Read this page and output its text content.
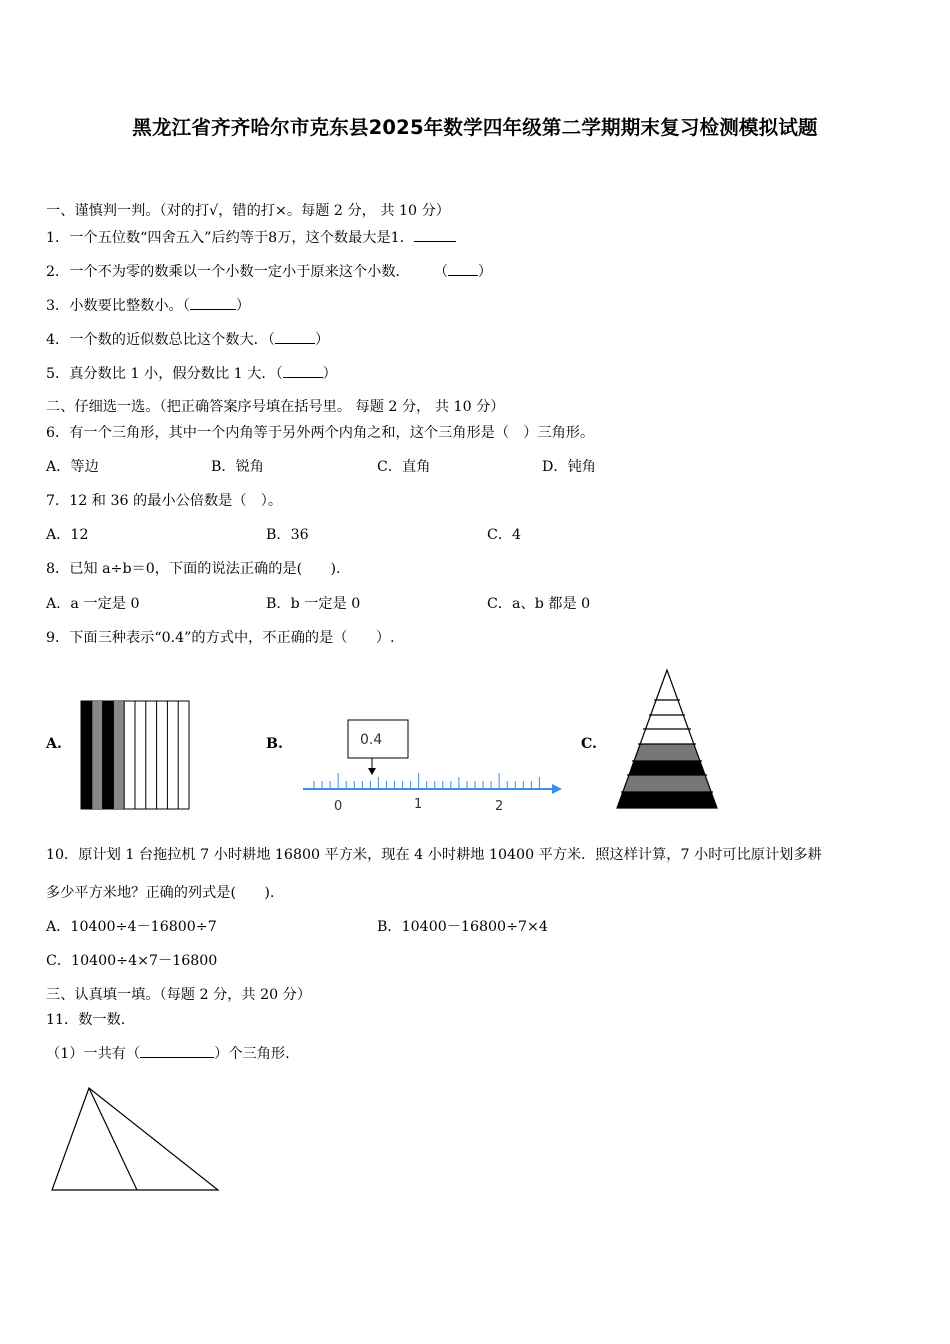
黑龙江省齐齐哈尔市克东县2025年数学四年级第二学期期末复习检测模拟试题
一、谨慎判一判。（对的打√，错的打×。每题 2 分， 共 10 分）
1．一个五位数“四舍五入”后约等于8万，这个数最大是1．
2．一个不为零的数乘以一个小数一定小于原来这个小数． （ ）
3．小数要比整数小。（	）
4．一个数的近似数总比这个数大．（	）
5．真分数比 1 小，假分数比 1 大．（	）
二、仔细选一选。（把正确答案序号填在括号里。 每题 2 分， 共 10 分）
6．有一个三角形，其中一个内角等于另外两个内角之和，这个三角形是（　）三角形。
A．等边	B．锐角	C．直角	D．钝角
7．12 和 36 的最小公倍数是（　）。
A．12	B．36	C．4
8．已知 a÷b＝0，下面的说法正确的是(　　).
A．a 一定是 0	B．b 一定是 0	C．a、b 都是 0
9．下面三种表示“0.4”的方式中，不正确的是（　　）.
A.	B.	0.4
0	1	2
C.
10．原计划 1 台拖拉机 7 小时耕地 16800 平方米，现在 4 小时耕地 10400 平方米．照这样计算，7 小时可比原计划多耕
多少平方米地？正确的列式是(　　).
A．10400÷4－16800÷7	B．10400－16800÷7×4
C．10400÷4×7－16800
三、认真填一填。（每题 2 分，共 20 分）
11．数一数.
（1）一共有（	）个三角形.
